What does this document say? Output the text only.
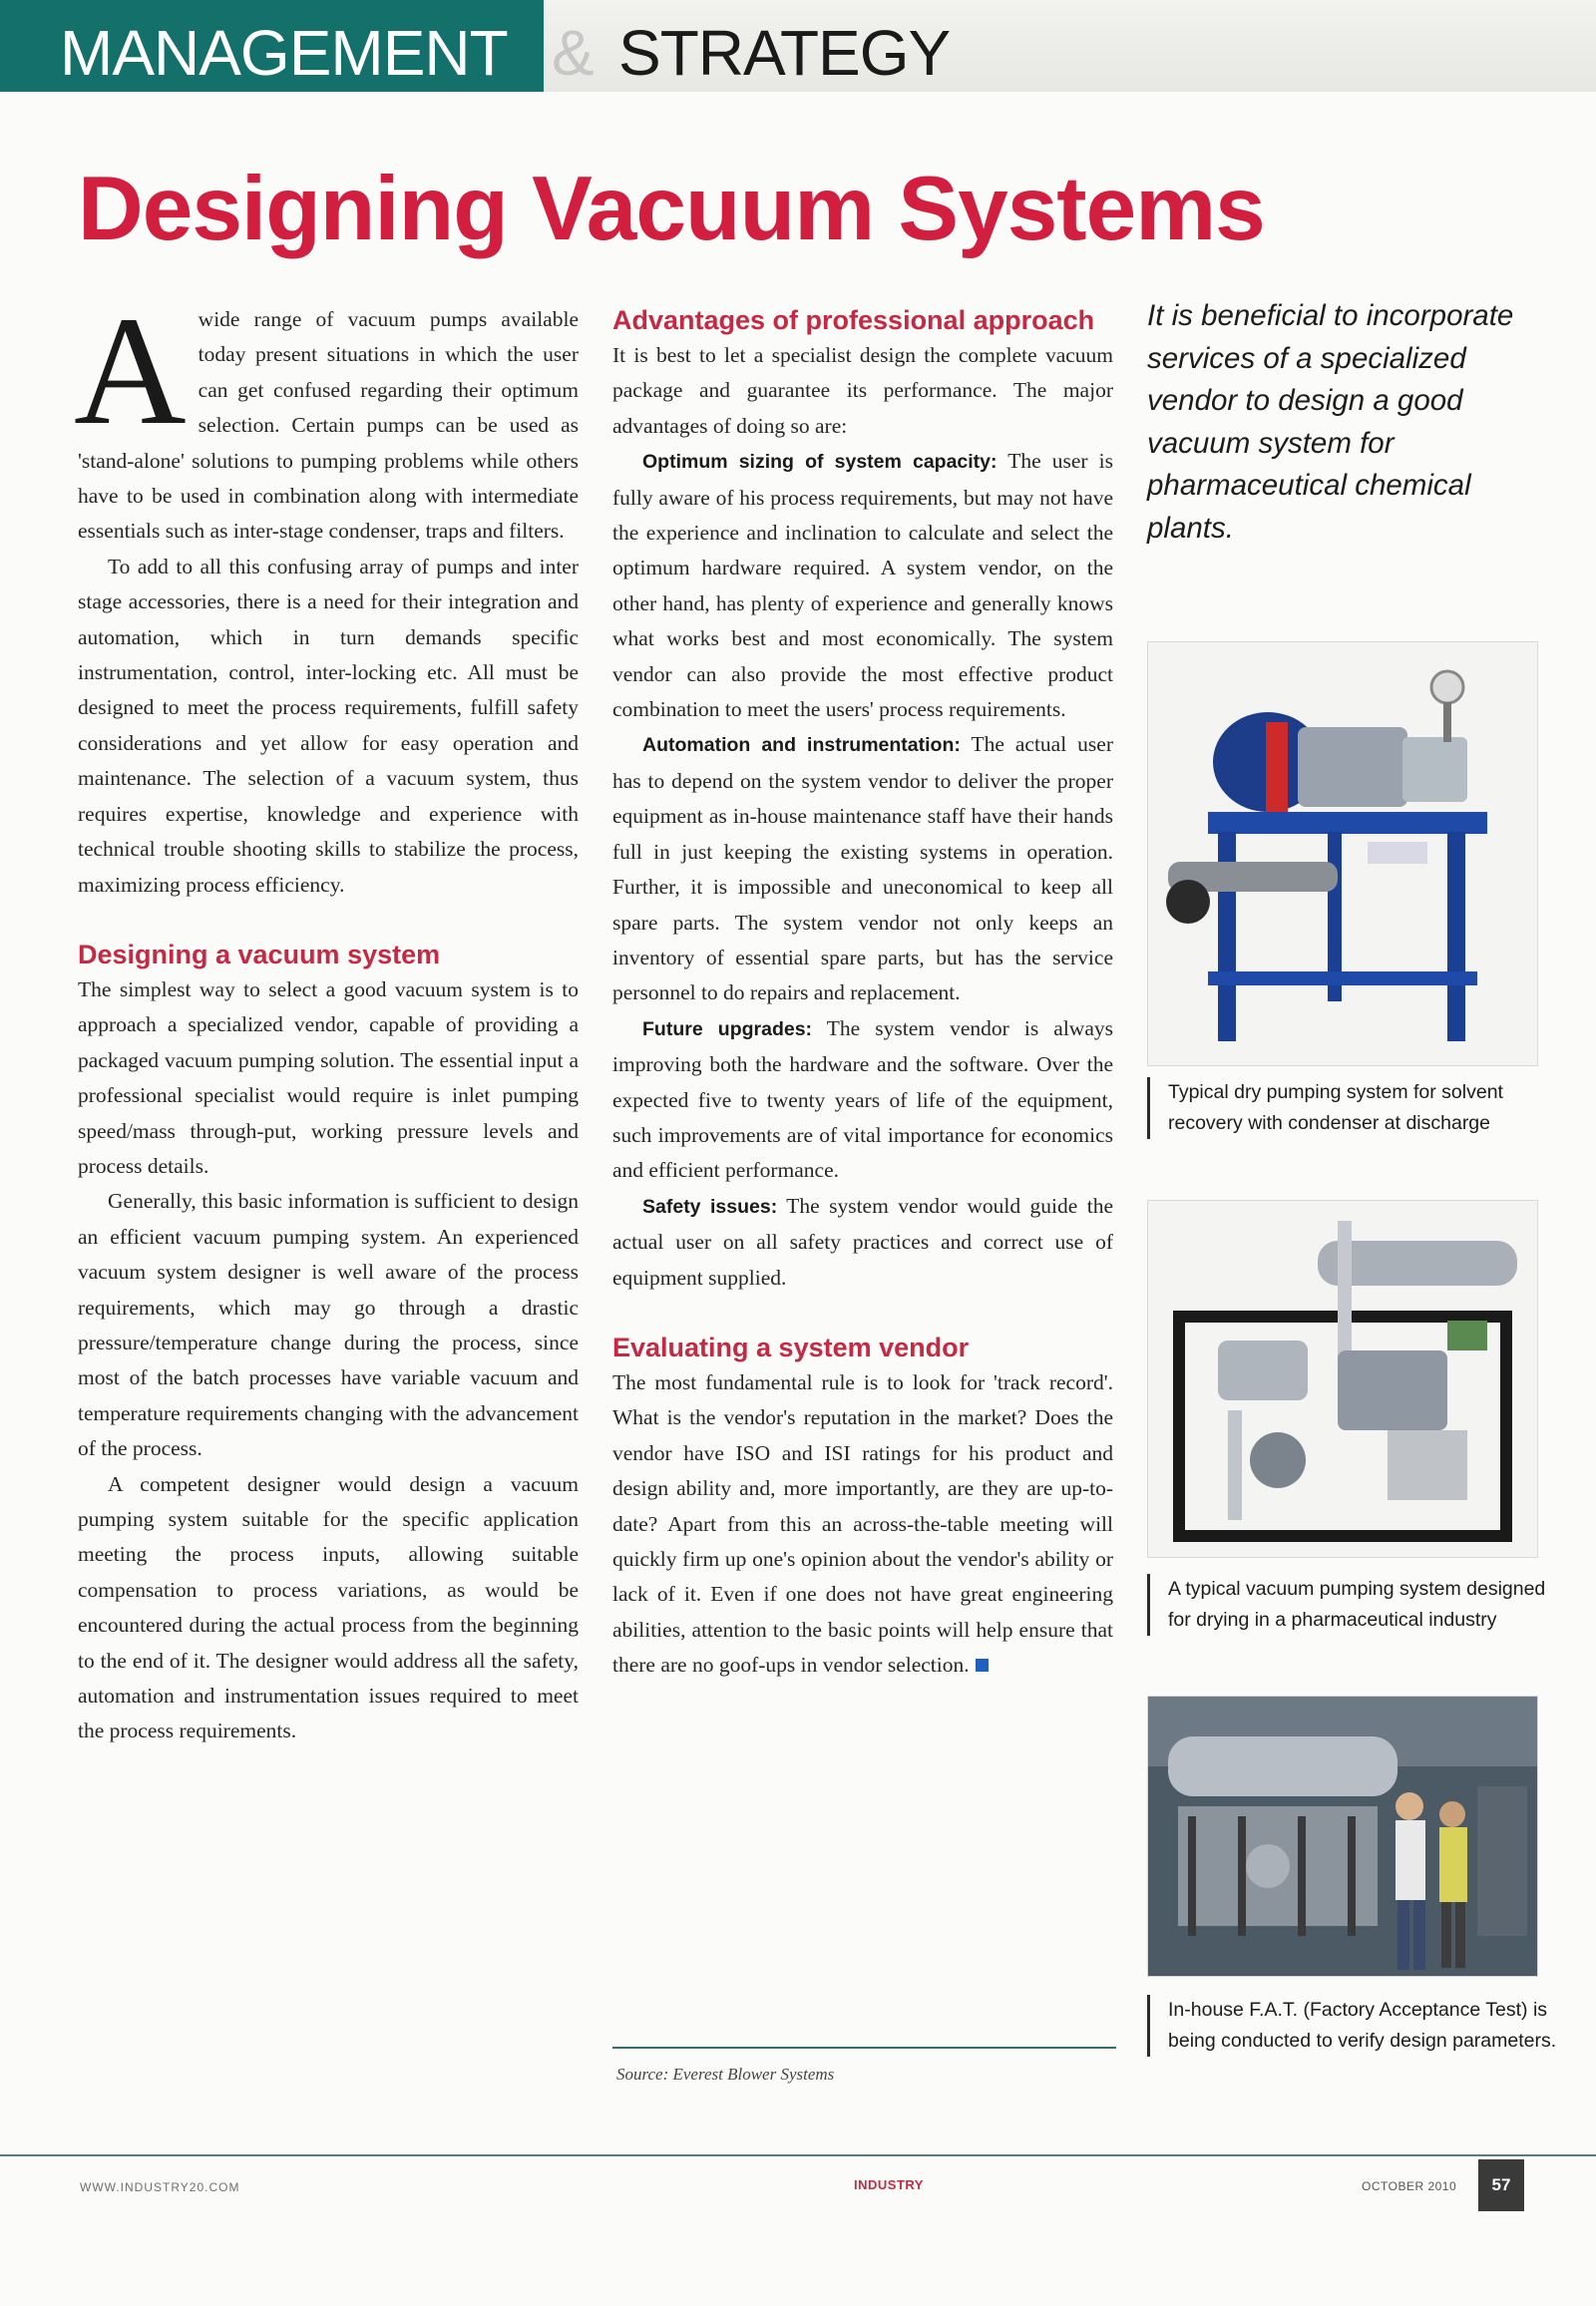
MANAGEMENT & STRATEGY
Designing Vacuum Systems

Awide range of vacuum pumps available today present situations in which the user can get confused regarding their optimum selection. Certain pumps can be used as 'stand-alone' solutions to pumping problems while others have to be used in combination along with intermediate essentials such as inter-stage condenser, traps and filters.

To add to all this confusing array of pumps and inter stage accessories, there is a need for their integration and automation, which in turn demands specific instrumentation, control, inter-locking etc. All must be designed to meet the process requirements, fulfill safety considerations and yet allow for easy operation and maintenance. The selection of a vacuum system, thus requires expertise, knowledge and experience with technical trouble shooting skills to stabilize the process, maximizing process efficiency.

Designing a vacuum system

The simplest way to select a good vacuum system is to approach a specialized vendor, capable of providing a packaged vacuum pumping solution. The essential input a professional specialist would require is inlet pumping speed/mass through-put, working pressure levels and process details.

Generally, this basic information is sufficient to design an efficient vacuum pumping system. An experienced vacuum system designer is well aware of the process requirements, which may go through a drastic pressure/temperature change during the process, since most of the batch processes have variable vacuum and temperature requirements changing with the advancement of the process.

A competent designer would design a vacuum pumping system suitable for the specific application meeting the process inputs, allowing suitable compensation to process variations, as would be encountered during the actual process from the beginning to the end of it. The designer would address all the safety, automation and instrumentation issues required to meet the process requirements.

Advantages of professional approach

It is best to let a specialist design the complete vacuum package and guarantee its performance. The major advantages of doing so are:

Optimum sizing of system capacity: The user is fully aware of his process requirements, but may not have the experience and inclination to calculate and select the optimum hardware required. A system vendor, on the other hand, has plenty of experience and generally knows what works best and most economically. The system vendor can also provide the most effective product combination to meet the users' process requirements.

Automation and instrumentation: The actual user has to depend on the system vendor to deliver the proper equipment as in-house maintenance staff have their hands full in just keeping the existing systems in operation. Further, it is impossible and uneconomical to keep all spare parts. The system vendor not only keeps an inventory of essential spare parts, but has the service personnel to do repairs and replacement.

Future upgrades: The system vendor is always improving both the hardware and the software. Over the expected five to twenty years of life of the equipment, such improvements are of vital importance for economics and efficient performance.

Safety issues: The system vendor would guide the actual user on all safety practices and correct use of equipment supplied.

Evaluating a system vendor

The most fundamental rule is to look for 'track record'. What is the vendor's reputation in the market? Does the vendor have ISO and ISI ratings for his product and design ability and, more importantly, are they are up-to-date? Apart from this an across-the-table meeting will quickly firm up one's opinion about the vendor's ability or lack of it. Even if one does not have great engineering abilities, attention to the basic points will help ensure that there are no goof-ups in vendor selection.

Source: Everest Blower Systems

It is beneficial to incorporate services of a specialized vendor to design a good vacuum system for pharmaceutical chemical plants.

Typical dry pumping system for solvent recovery with condenser at discharge
A typical vacuum pumping system designed for drying in a pharmaceutical industry
In-house F.A.T. (Factory Acceptance Test) is being conducted to verify design parameters.
WWW.INDUSTRY20.COM	INDUSTRY	OCTOBER 2010	57
